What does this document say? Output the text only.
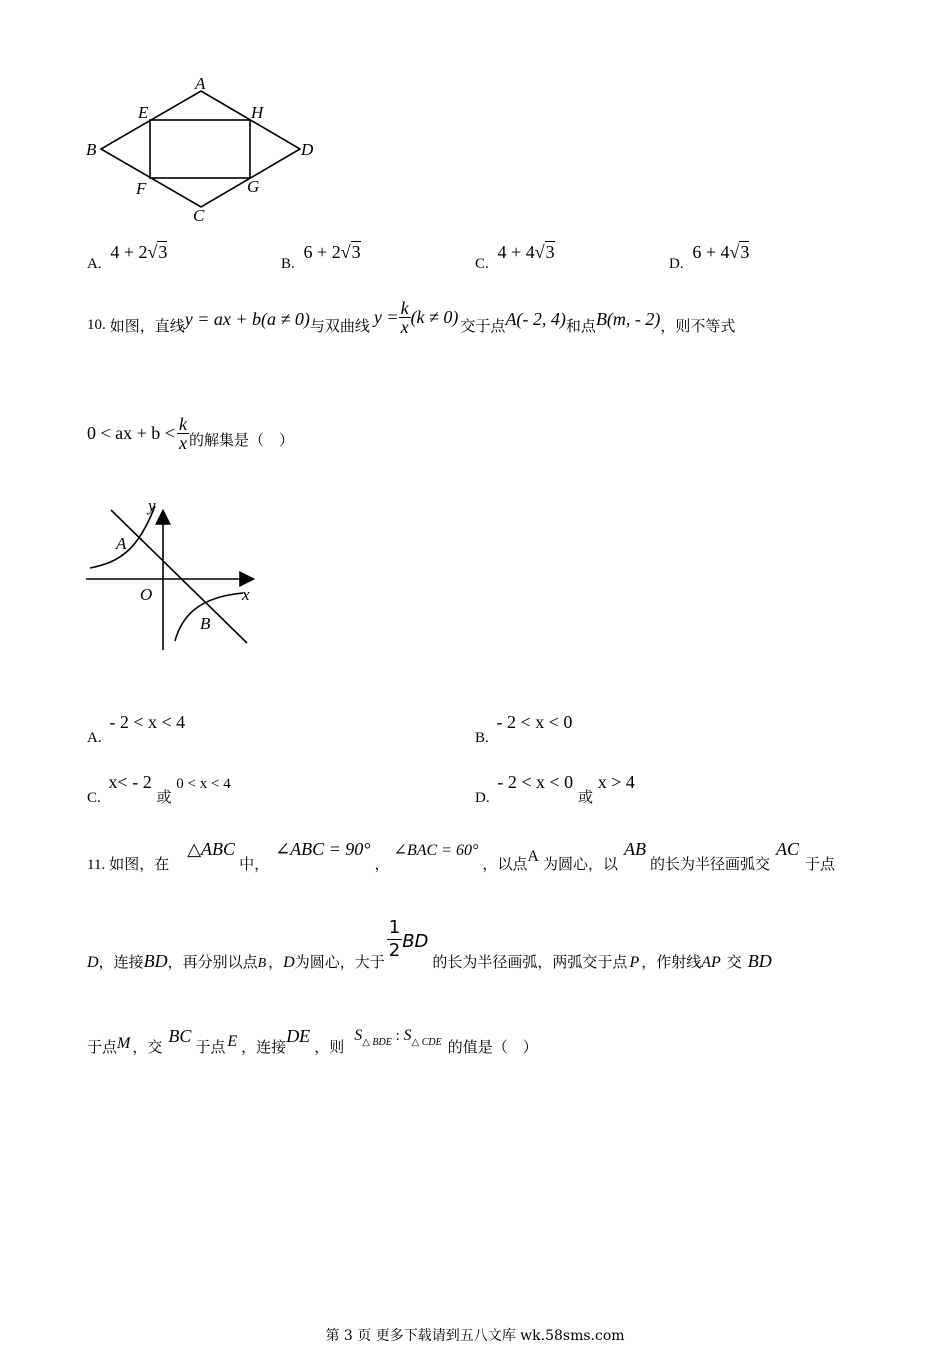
A
E	H
B	D
F	G
C
A. 4 + 2√3
B. 6 + 2√3
C. 4 + 4√3
D. 6 + 4√3
10. 如图，直线 y = ax + b(a ≠ 0) 与双曲线 $y = \frac{k}{x} (k \ne 0)$ 交于点 A(- 2, 4) 和点 B(m, - 2) ，则不等式
0 < ax + $b < \frac{k}{x}$ 的解集是（　）
y
A
O	x
B
A. - 2 < x < 4
B. - 2 < x < 0
C. x< - 2 或 0 < x < 4
D. - 2 < x < 0 或 x > 4
11. 如图，在
△ABC
中，
∠ABC = 90°
，
∠BAC = 60°
，以点 A 为圆心，以
AB
的长为半径画弧交
AC
于点
D ，连接 BD ，再分别以点 B ， D 为圆心，大于 $\frac{1}{2}$ BD
的长为半径画弧，两弧交于点 P ，作射线 AP 交 BD
于点 M ，交
BC
于点 E ，连接
DE
，则
$S_{\triangle BDE}$ : $S_{\triangle CDE}$ 的值是（　）
第 3 页 更多下载请到五八文库 wk.58sms.com
